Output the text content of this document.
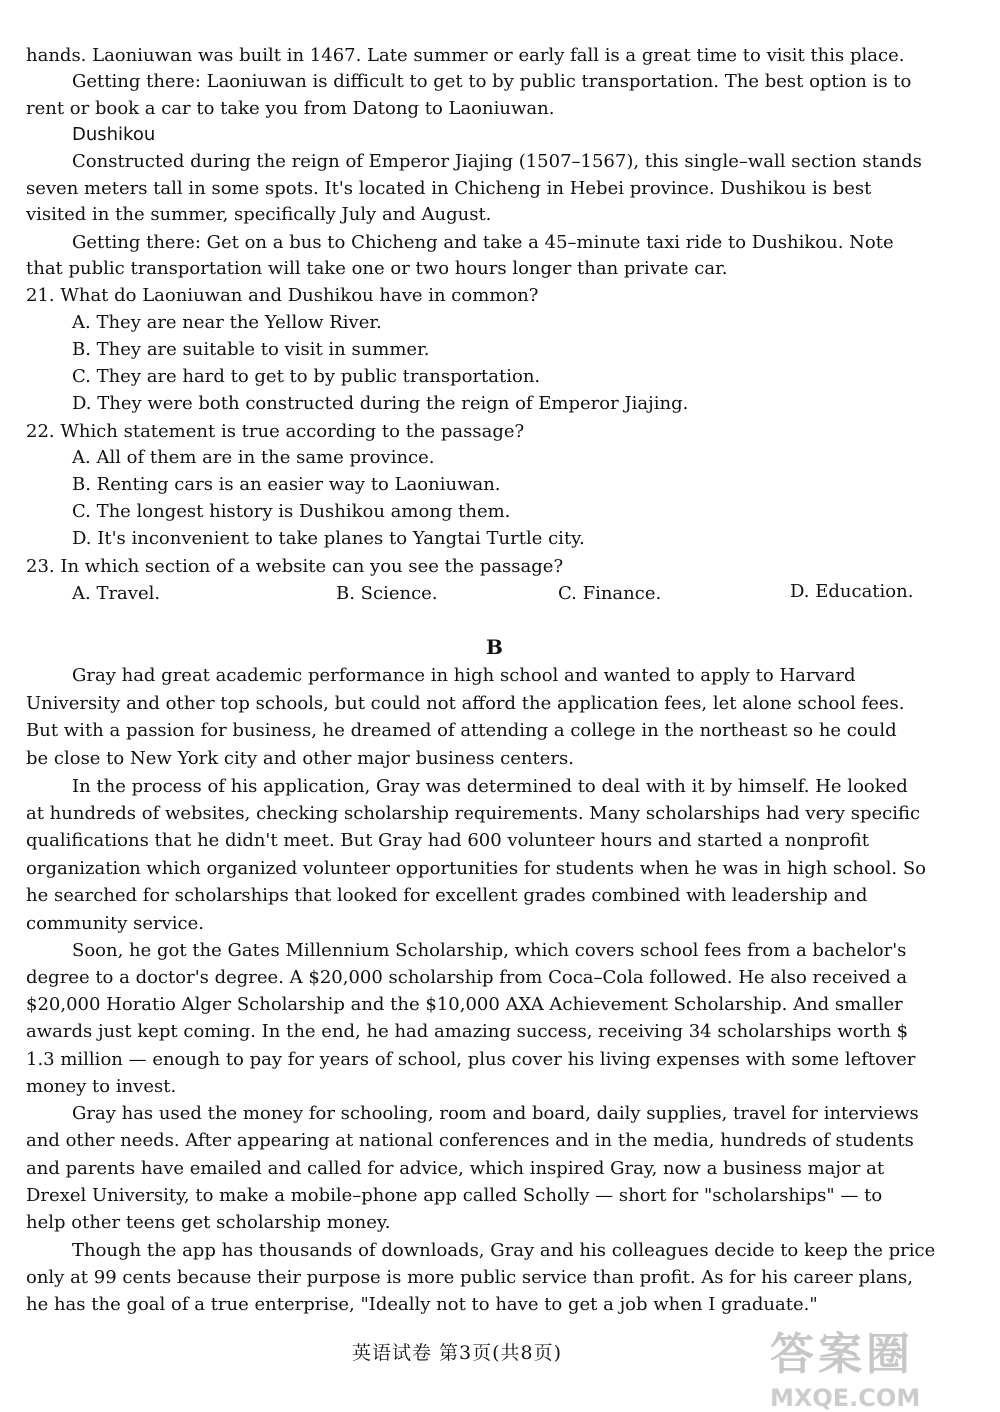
hands. Laoniuwan was built in 1467. Late summer or early fall is a great time to visit this place.
Getting there: Laoniuwan is difficult to get to by public transportation. The best option is to
rent or book a car to take you from Datong to Laoniuwan.
Dushikou
Constructed during the reign of Emperor Jiajing (1507–1567), this single–wall section stands
seven meters tall in some spots. It's located in Chicheng in Hebei province. Dushikou is best
visited in the summer, specifically July and August.
Getting there: Get on a bus to Chicheng and take a 45–minute taxi ride to Dushikou. Note
that public transportation will take one or two hours longer than private car.
21. What do Laoniuwan and Dushikou have in common?
A. They are near the Yellow River.
B. They are suitable to visit in summer.
C. They are hard to get to by public transportation.
D. They were both constructed during the reign of Emperor Jiajing.
22. Which statement is true according to the passage?
A. All of them are in the same province.
B. Renting cars is an easier way to Laoniuwan.
C. The longest history is Dushikou among them.
D. It's inconvenient to take planes to Yangtai Turtle city.
23. In which section of a website can you see the passage?
A. Travel.	B. Science.	C. Finance.	D. Education.
B
Gray had great academic performance in high school and wanted to apply to Harvard
University and other top schools, but could not afford the application fees, let alone school fees.
But with a passion for business, he dreamed of attending a college in the northeast so he could
be close to New York city and other major business centers.
In the process of his application, Gray was determined to deal with it by himself. He looked
at hundreds of websites, checking scholarship requirements. Many scholarships had very specific
qualifications that he didn't meet. But Gray had 600 volunteer hours and started a nonprofit
organization which organized volunteer opportunities for students when he was in high school. So
he searched for scholarships that looked for excellent grades combined with leadership and
community service.
Soon, he got the Gates Millennium Scholarship, which covers school fees from a bachelor's
degree to a doctor's degree. A $20,000 scholarship from Coca–Cola followed. He also received a
$20,000 Horatio Alger Scholarship and the $10,000 AXA Achievement Scholarship. And smaller
awards just kept coming. In the end, he had amazing success, receiving 34 scholarships worth $
1.3 million — enough to pay for years of school, plus cover his living expenses with some leftover
money to invest.
Gray has used the money for schooling, room and board, daily supplies, travel for interviews
and other needs. After appearing at national conferences and in the media, hundreds of students
and parents have emailed and called for advice, which inspired Gray, now a business major at
Drexel University, to make a mobile–phone app called Scholly — short for "scholarships" — to
help other teens get scholarship money.
Though the app has thousands of downloads, Gray and his colleagues decide to keep the price
only at 99 cents because their purpose is more public service than profit. As for his career plans,
he has the goal of a true enterprise, "Ideally not to have to get a job when I graduate."
英语试卷 第3页(共8页)	答案圈
MXQE.COM
